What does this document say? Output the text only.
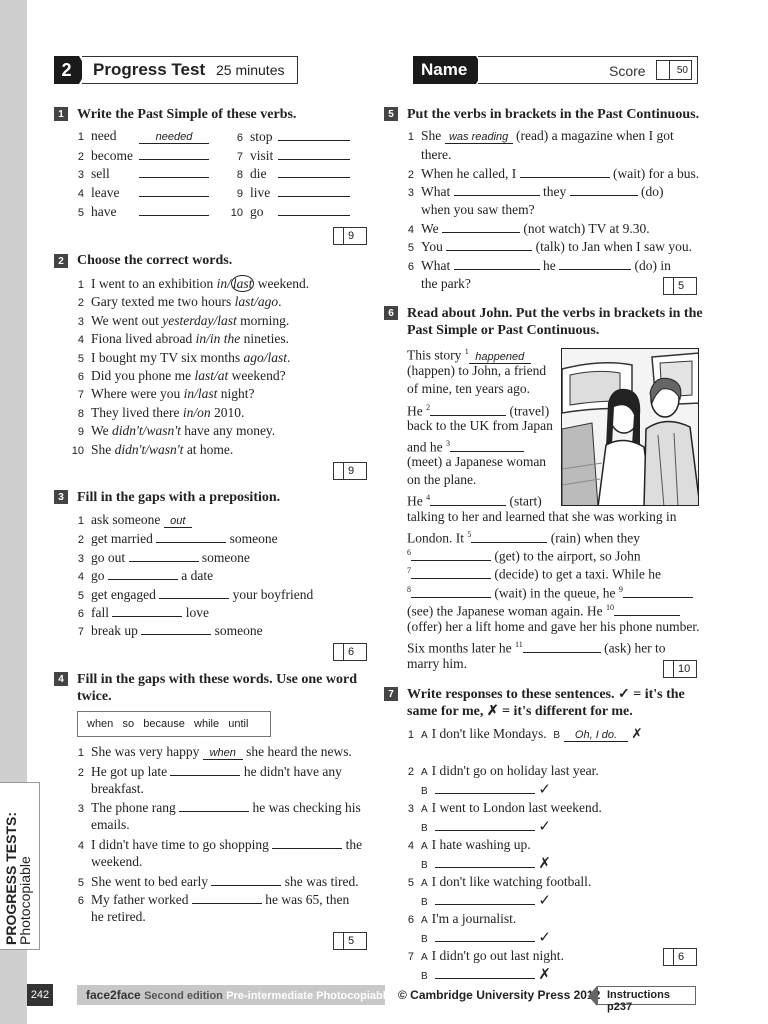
PROGRESS TESTS:
Photocopiable
2	Progress Test 25 minutes	Name	Score	50
1 Write the Past Simple of these verbs.
9
2 Choose the correct words.
9
3 Fill in the gaps with a preposition.
6
4 Fill in the gaps with these words. Use one word
twice.
when   so   because   while   until
5
5 Put the verbs in brackets in the Past Continuous.
5
6 Read about John. Put the verbs in brackets in the
Past Simple or Past Continuous.
10
7 Write responses to these sentences. ✓ = it's the
same for me, ✗ = it's different for me.
6
242	face2face Second edition Pre-intermediate Photocopiable © Cambridge University Press 2012 Instructions p237
1 need	needed
2 become
3 sell
4 leave
5 have
6 stop
7 visit
8 die
9 live
10 go
1 I went to an exhibition in/ last weekend.
2 Gary texted me two hours last/ago.
3 We went out yesterday/last morning.
4 Fiona lived abroad in/in the nineties.
5 I bought my TV six months ago/last.
6 Did you phone me last/at weekend?
7 Where were you in/last night?
8 They lived there in/on 2010.
9 We didn't/wasn't have any money.
10 She didn't/wasn't at home.
1 ask someone out
2 get married	someone
3 go out	someone
4 go	a date
5 get engaged	your boyfriend
6 fall	love
7 break up	someone
1 She was very happy when she heard the news.
2 He got up late	he didn't have any
breakfast.
3 The phone rang	he was checking his
emails.
4 I didn't have time to go shopping	the
weekend.
5 She went to bed early	she was tired.
6 My father worked	he was 65, then
he retired.
1 She was reading (read) a magazine when I got
there.
2 When he called, I	(wait) for a bus.
3 What	they	(do)
when you saw them?
4 We	(not watch) TV at 9.30.
5 You	(talk) to Jan when I saw you.
6 What	he	(do) in
the park?
This story $^1$ happened
(happen) to John, a friend
of mine, ten years ago.
He $^2$	(travel)
back to the UK from Japan
and he $^3$
(meet) a Japanese woman
on the plane.
He $^4$	(start)
talking to her and learned that she was working in
London. It $^5$	(rain) when they
$^6$	(get) to the airport, so John
$^7$	(decide) to get a taxi. While he
$^8$	(wait) in the queue, he $^9$
(see) the Japanese woman again. He $^{10}$
(offer) her a lift home and gave her his phone number.
Six months later he $^{11}$	(ask) her to
marry him.
1 A I don't like Mondays. B Oh, I do. ✗
2 A I didn't go on holiday last year.
B	✓
3 A I went to London last weekend.
B	✓
4 A I hate washing up.
B	✗
5 A I don't like watching football.
B	✓
6 A I'm a journalist.
B	✓
7 A I didn't go out last night.
B	✗
